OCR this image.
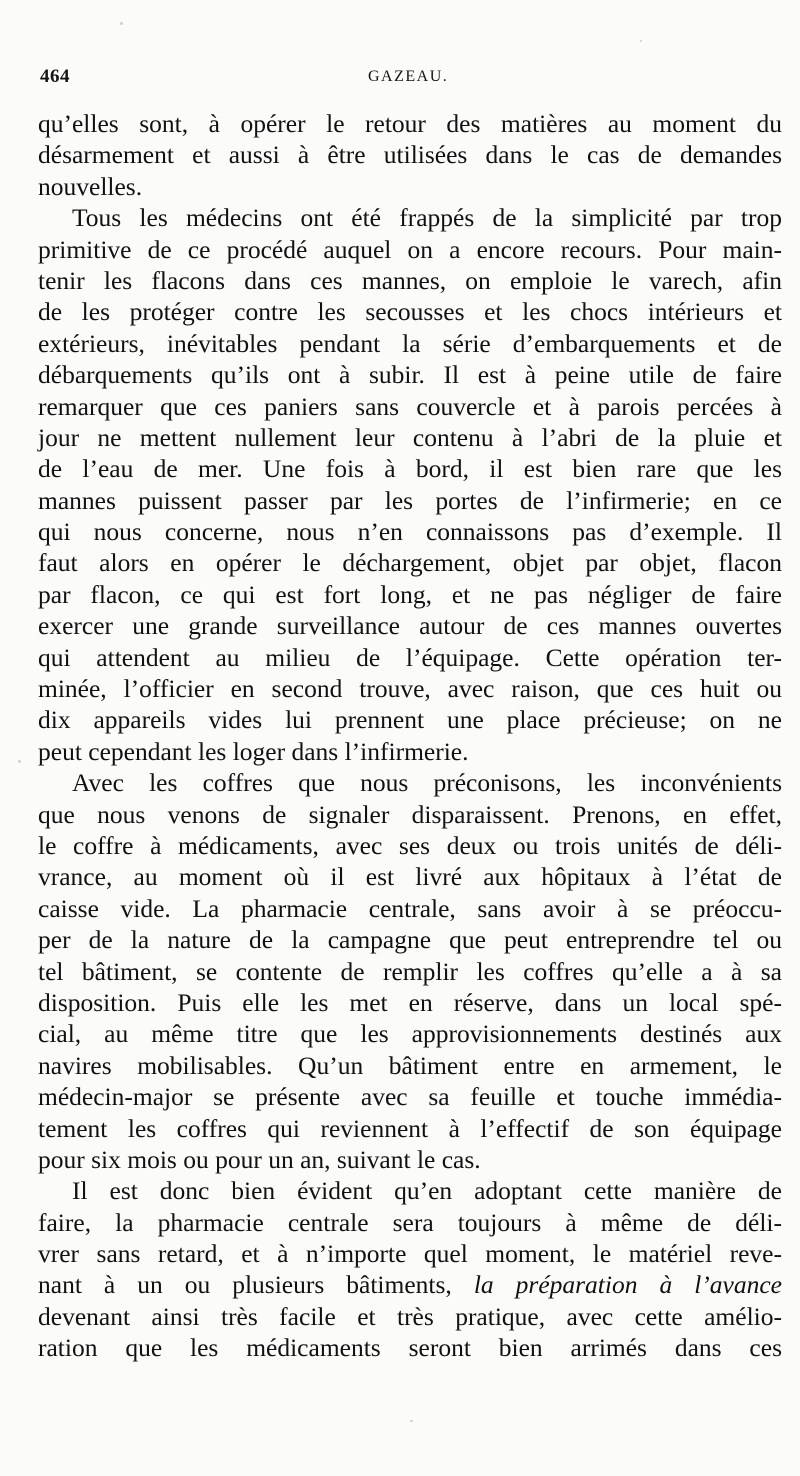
464	GAZEAU.
qu’elles sont, à opérer le retour des matières au moment du
désarmement et aussi à être utilisées dans le cas de demandes
nouvelles.
Tous les médecins ont été frappés de la simplicité par trop
primitive de ce procédé auquel on a encore recours. Pour main-
tenir les flacons dans ces mannes, on emploie le varech, afin
de les protéger contre les secousses et les chocs intérieurs et
extérieurs, inévitables pendant la série d’embarquements et de
débarquements qu’ils ont à subir. Il est à peine utile de faire
remarquer que ces paniers sans couvercle et à parois percées à
jour ne mettent nullement leur contenu à l’abri de la pluie et
de l’eau de mer. Une fois à bord, il est bien rare que les
mannes puissent passer par les portes de l’infirmerie; en ce
qui nous concerne, nous n’en connaissons pas d’exemple. Il
faut alors en opérer le déchargement, objet par objet, flacon
par flacon, ce qui est fort long, et ne pas négliger de faire
exercer une grande surveillance autour de ces mannes ouvertes
qui attendent au milieu de l’équipage. Cette opération ter-
minée, l’officier en second trouve, avec raison, que ces huit ou
dix appareils vides lui prennent une place précieuse; on ne
peut cependant les loger dans l’infirmerie.
Avec les coffres que nous préconisons, les inconvénients
que nous venons de signaler disparaissent. Prenons, en effet,
le coffre à médicaments, avec ses deux ou trois unités de déli-
vrance, au moment où il est livré aux hôpitaux à l’état de
caisse vide. La pharmacie centrale, sans avoir à se préoccu-
per de la nature de la campagne que peut entreprendre tel ou
tel bâtiment, se contente de remplir les coffres qu’elle a à sa
disposition. Puis elle les met en réserve, dans un local spé-
cial, au même titre que les approvisionnements destinés aux
navires mobilisables. Qu’un bâtiment entre en armement, le
médecin-major se présente avec sa feuille et touche immédia-
tement les coffres qui reviennent à l’effectif de son équipage
pour six mois ou pour un an, suivant le cas.
Il est donc bien évident qu’en adoptant cette manière de
faire, la pharmacie centrale sera toujours à même de déli-
vrer sans retard, et à n’importe quel moment, le matériel reve-
nant à un ou plusieurs bâtiments, la préparation à l’avance
devenant ainsi très facile et très pratique, avec cette amélio-
ration que les médicaments seront bien arrimés dans ces
